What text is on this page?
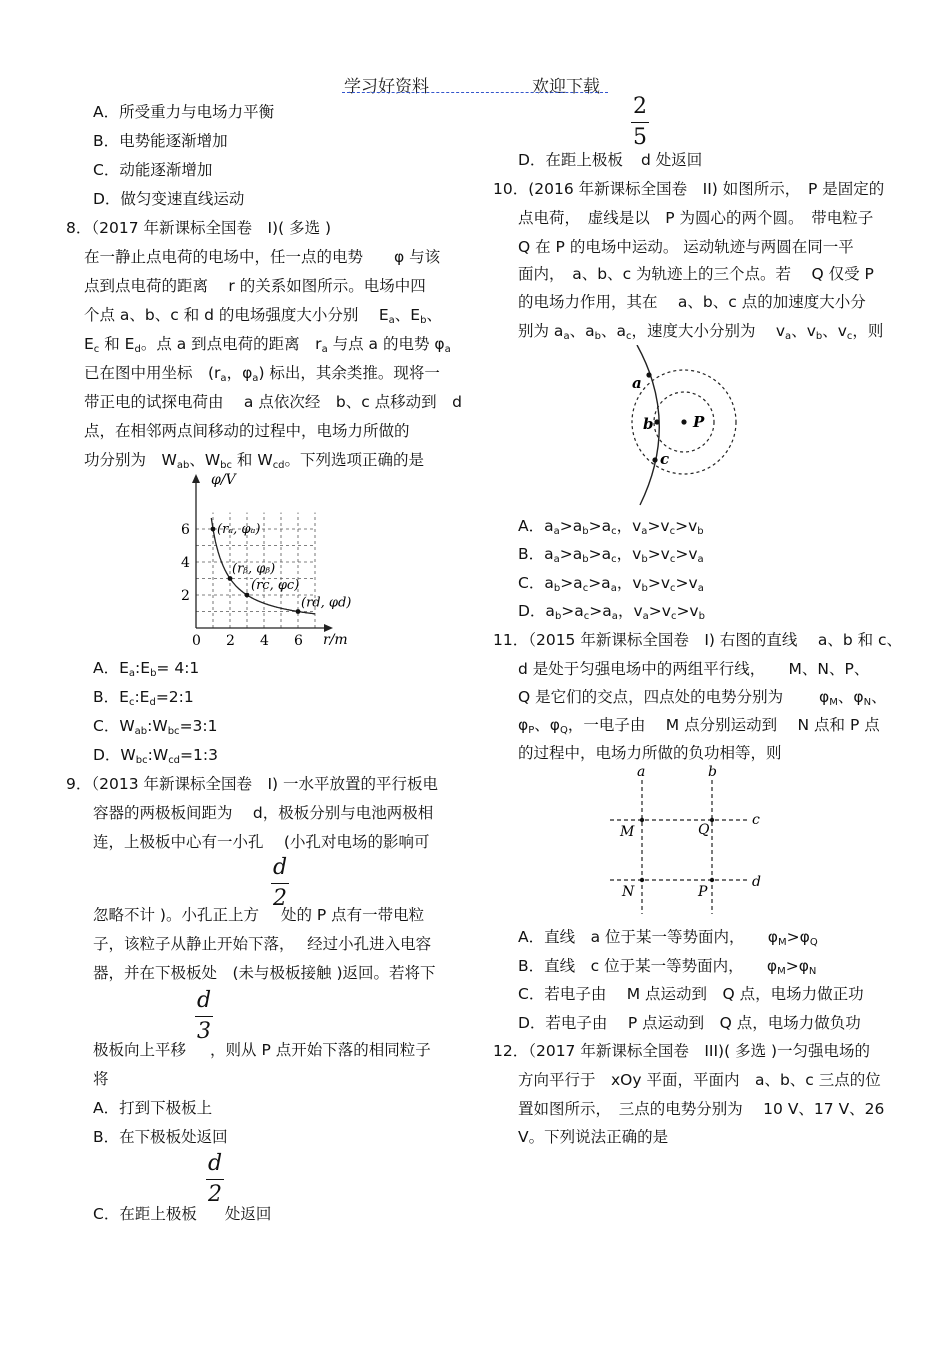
学习好资料	欢迎下载
A．所受重力与电场力平衡
B．电势能逐渐增加
C．动能逐渐增加
D．做匀变速直线运动
8．（2017 年新课标全国卷　I)( 多选 )
在一静止点电荷的电场中，任一点的电势　　φ 与该
点到点电荷的距离　 r 的关系如图所示。电场中四
个点 a、b、c 和 d 的电场强度大小分别　 $E_a$、$E_b$、
$E_c$ 和 $E_d$。点 a 到点电荷的距离　$r_a$ 与点 a 的电势 $\varphi_a$
已在图中用坐标　($r_a$，$\varphi_a$) 标出，其余类推。现将一
带正电的试探电荷由　 a 点依次经　b、c 点移动到　d
点，在相邻两点间移动的过程中，电场力所做的
功分别为　$W_{ab}$、$W_{bc}$ 和 $W_{cd}$。下列选项正确的是
φ/V
r/m
0 2 4 6
2
4
6 (rₐ, φₐ)
(rᵦ, φᵦ)
(rc, φc)
(rd, φd)
A．$E_a:E_b=$ 4:1
B．$E_c:E_d=2:1$
C．$W_{ab}:W_{bc}=3:1$
D．$W_{bc}:W_{cd}=1:3$
9．（2013 年新课标全国卷　I) 一水平放置的平行板电
容器的两极板间距为　 d，极板分别与电池两极相
连，上极板中心有一小孔　 (小孔对电场的影响可
d
2
忽略不计 )。小孔正上方 处的 P 点有一带电粒
子，该粒子从静止开始下落，　 经过小孔进入电容
器，并在下极板处　(未与极板接触 )返回。若将下
d
3
极板向上平移 ，则从 P 点开始下落的相同粒子
将
A．打到下极板上
B．在下极板处返回
d
2
C．在距上极板 处返回
2
5
D．在距上极板 d 处返回
10．(2016 年新课标全国卷　II) 如图所示，　P 是固定的
点电荷，　虚线是以　P 为圆心的两个圆。　带电粒子
Q 在 P 的电场中运动。 运动轨迹与两圆在同一平
面内，　a、b、c 为轨迹上的三个点。若　 Q 仅受 P
的电场力作用，其在　 a、b、c 点的加速度大小分
别为 $a_a$、$a_b$、$a_c$，速度大小分别为　 $v_a$、$v_b$、$v_c$，则
a
b
c
P
A．$a_a>a_b>a_c$，$v_a>v_c>v_b$
B．$a_a>a_b>a_c$，$v_b>v_c>v_a$
C．$a_b>a_c>a_a$，$v_b>v_c>v_a$
D．$a_b>a_c>a_a$，$v_a>v_c>v_b$
11．（2015 年新课标全国卷　I) 右图的直线　 a、b 和 c、
d 是处于匀强电场中的两组平行线，　　M、N、P、
Q 是它们的交点，四点处的电势分别为　　 $\varphi_M$、$\varphi_N$、
$\varphi_P$、$\varphi_Q$，一电子由　 M 点分别运动到　 N 点和 P 点
的过程中，电场力所做的负功相等，则
a	b
c
d
M	Q
N	P
A．直线　a 位于某一等势面内，　　$\varphi_M>\varphi_Q$
B．直线　c 位于某一等势面内，　　$\varphi_M>\varphi_N$
C．若电子由　 M 点运动到　Q 点，电场力做正功
D．若电子由　 P 点运动到　Q 点，电场力做负功
12．（2017 年新课标全国卷　III)( 多选 )一匀强电场的
方向平行于　xOy 平面，平面内　a、b、c 三点的位
置如图所示，　三点的电势分别为　 10 V、17 V、26
V。下列说法正确的是
